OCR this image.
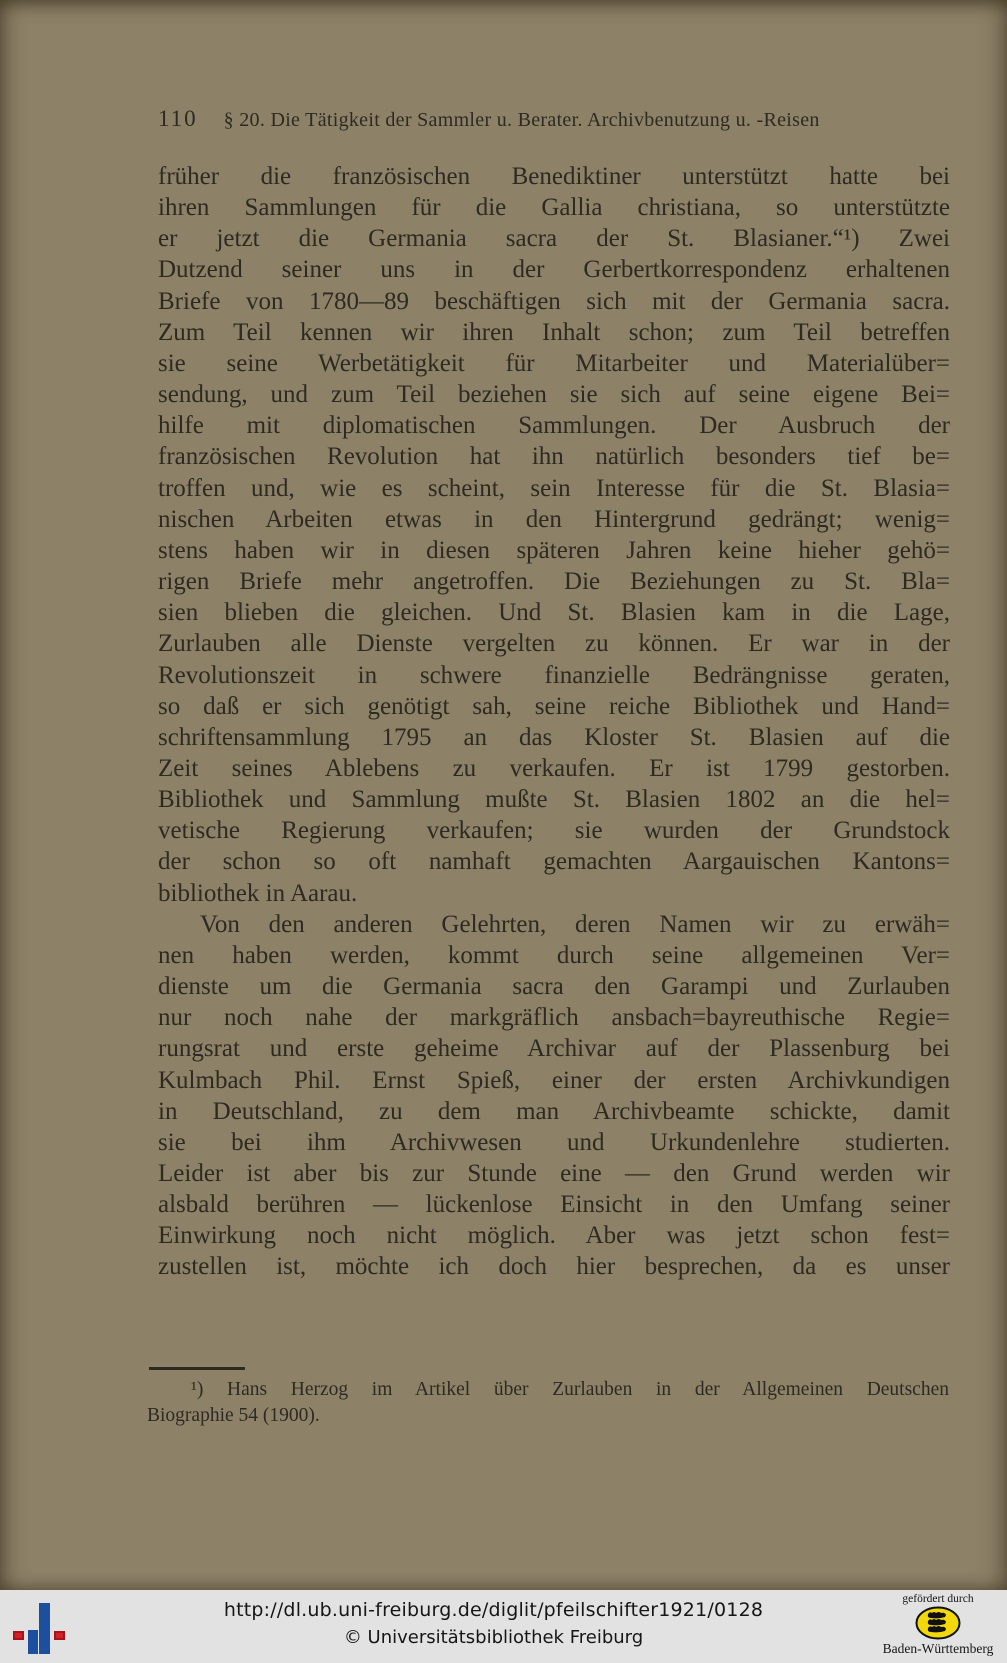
110 § 20. Die Tätigkeit der Sammler u. Berater. Archivbenutzung u. -Reisen
früher die französischen Benediktiner unterstützt hatte bei
ihren Sammlungen für die Gallia christiana, so unterstützte
er jetzt die Germania sacra der St. Blasianer.“¹) Zwei
Dutzend seiner uns in der Gerbertkorrespondenz erhaltenen
Briefe von 1780—89 beschäftigen sich mit der Germania sacra.
Zum Teil kennen wir ihren Inhalt schon; zum Teil betreffen
sie seine Werbetätigkeit für Mitarbeiter und Materialüber=
sendung, und zum Teil beziehen sie sich auf seine eigene Bei=
hilfe mit diplomatischen Sammlungen. Der Ausbruch der
französischen Revolution hat ihn natürlich besonders tief be=
troffen und, wie es scheint, sein Interesse für die St. Blasia=
nischen Arbeiten etwas in den Hintergrund gedrängt; wenig=
stens haben wir in diesen späteren Jahren keine hieher gehö=
rigen Briefe mehr angetroffen. Die Beziehungen zu St. Bla=
sien blieben die gleichen. Und St. Blasien kam in die Lage,
Zurlauben alle Dienste vergelten zu können. Er war in der
Revolutionszeit in schwere finanzielle Bedrängnisse geraten,
so daß er sich genötigt sah, seine reiche Bibliothek und Hand=
schriftensammlung 1795 an das Kloster St. Blasien auf die
Zeit seines Ablebens zu verkaufen. Er ist 1799 gestorben.
Bibliothek und Sammlung mußte St. Blasien 1802 an die hel=
vetische Regierung verkaufen; sie wurden der Grundstock
der schon so oft namhaft gemachten Aargauischen Kantons=
bibliothek in Aarau.
Von den anderen Gelehrten, deren Namen wir zu erwäh=
nen haben werden, kommt durch seine allgemeinen Ver=
dienste um die Germania sacra den Garampi und Zurlauben
nur noch nahe der markgräflich ansbach=bayreuthische Regie=
rungsrat und erste geheime Archivar auf der Plassenburg bei
Kulmbach Phil. Ernst Spieß, einer der ersten Archivkundigen
in Deutschland, zu dem man Archivbeamte schickte, damit
sie bei ihm Archivwesen und Urkundenlehre studierten.
Leider ist aber bis zur Stunde eine — den Grund werden wir
alsbald berühren — lückenlose Einsicht in den Umfang seiner
Einwirkung noch nicht möglich. Aber was jetzt schon fest=
zustellen ist, möchte ich doch hier besprechen, da es unser
¹) Hans Herzog im Artikel über Zurlauben in der Allgemeinen Deutschen
Biographie 54 (1900).
http://dl.ub.uni-freiburg.de/diglit/pfeilschifter1921/0128
© Universitätsbibliothek Freiburg
gefördert durch
Baden-Württemberg
